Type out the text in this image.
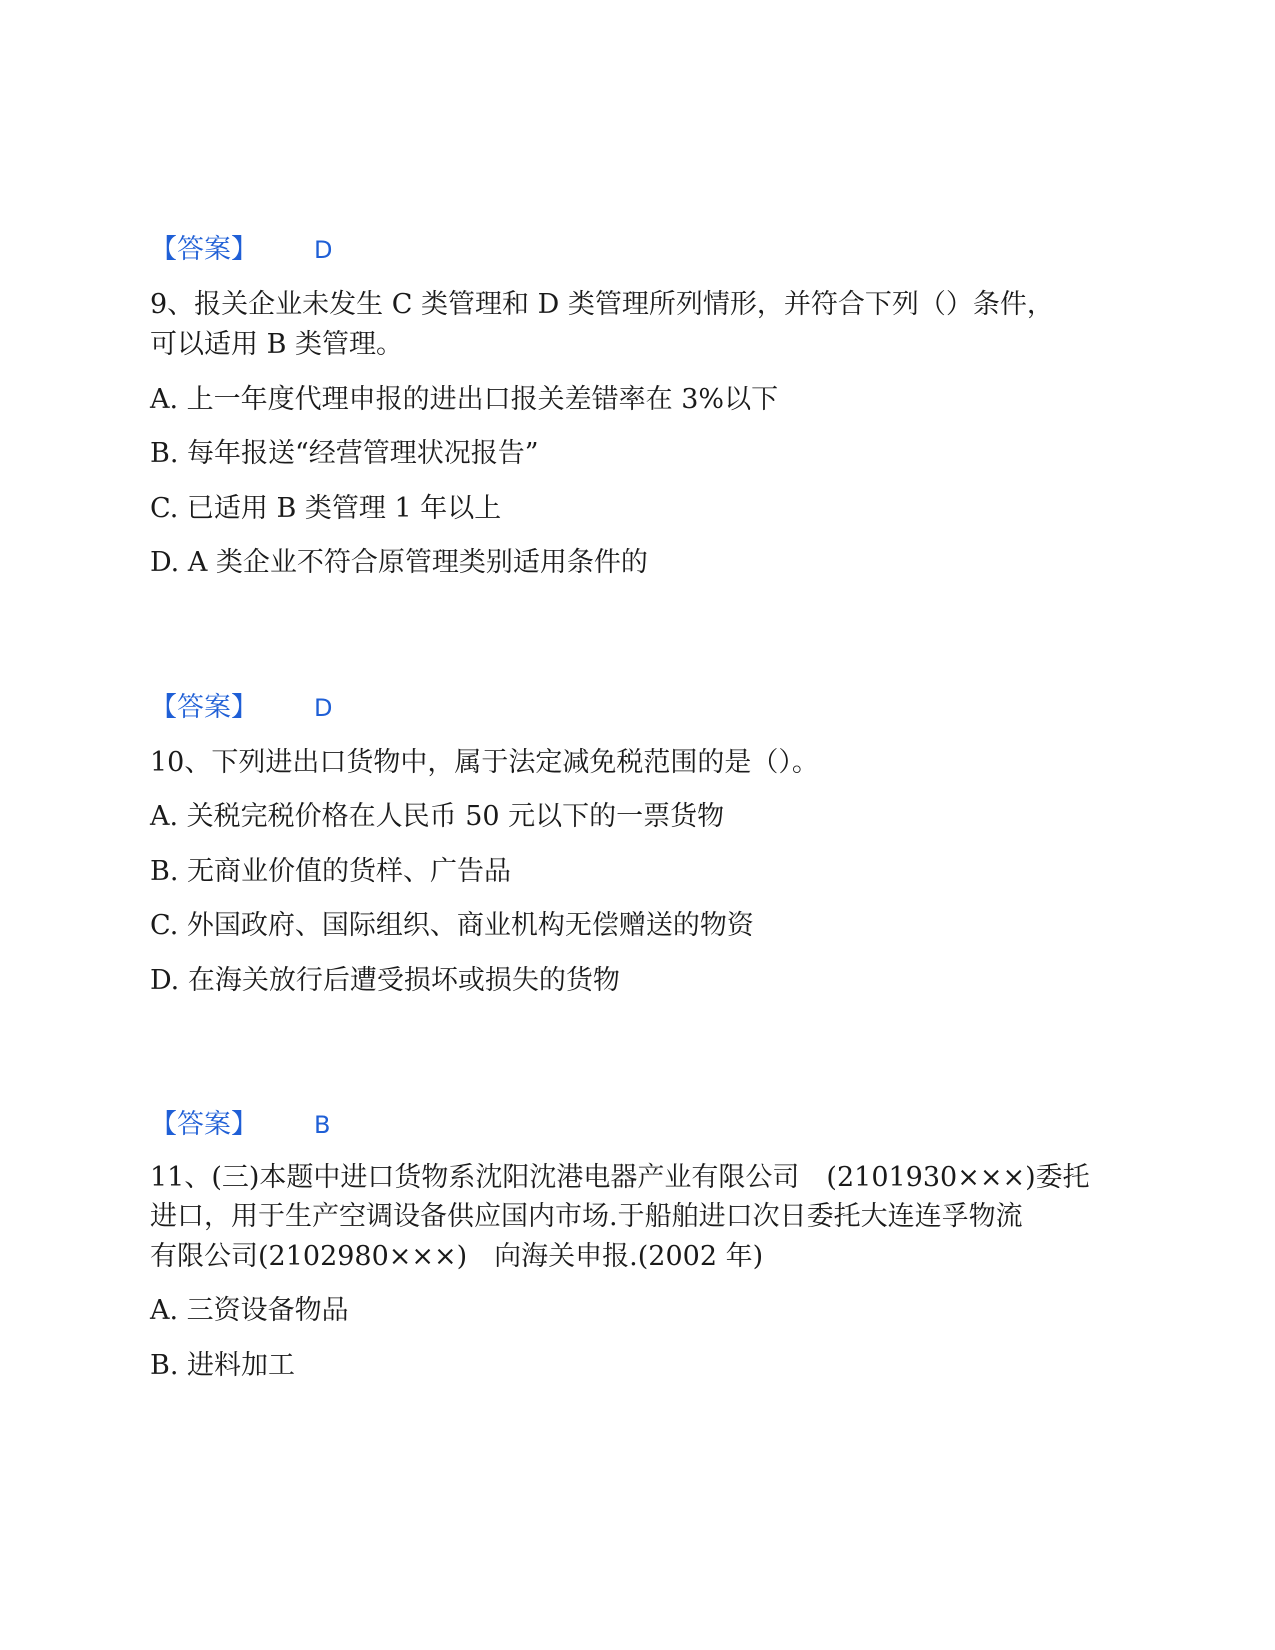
【答案】 D
9、报关企业未发生 C 类管理和 D 类管理所列情形，并符合下列（）条件，
可以适用 B 类管理。
A. 上一年度代理申报的进出口报关差错率在 3%以下
B. 每年报送“经营管理状况报告”
C. 已适用 B 类管理 1 年以上
D. A 类企业不符合原管理类别适用条件的
【答案】 D
10、下列进出口货物中，属于法定减免税范围的是（）。
A. 关税完税价格在人民币 50 元以下的一票货物
B. 无商业价值的货样、广告品
C. 外国政府、国际组织、商业机构无偿赠送的物资
D. 在海关放行后遭受损坏或损失的货物
【答案】 B
11、(三)本题中进口货物系沈阳沈港电器产业有限公司　(2101930×××)委托
进口，用于生产空调设备供应国内市场.于船舶进口次日委托大连连孚物流
有限公司(2102980×××)　向海关申报.(2002 年)
A. 三资设备物品
B. 进料加工
